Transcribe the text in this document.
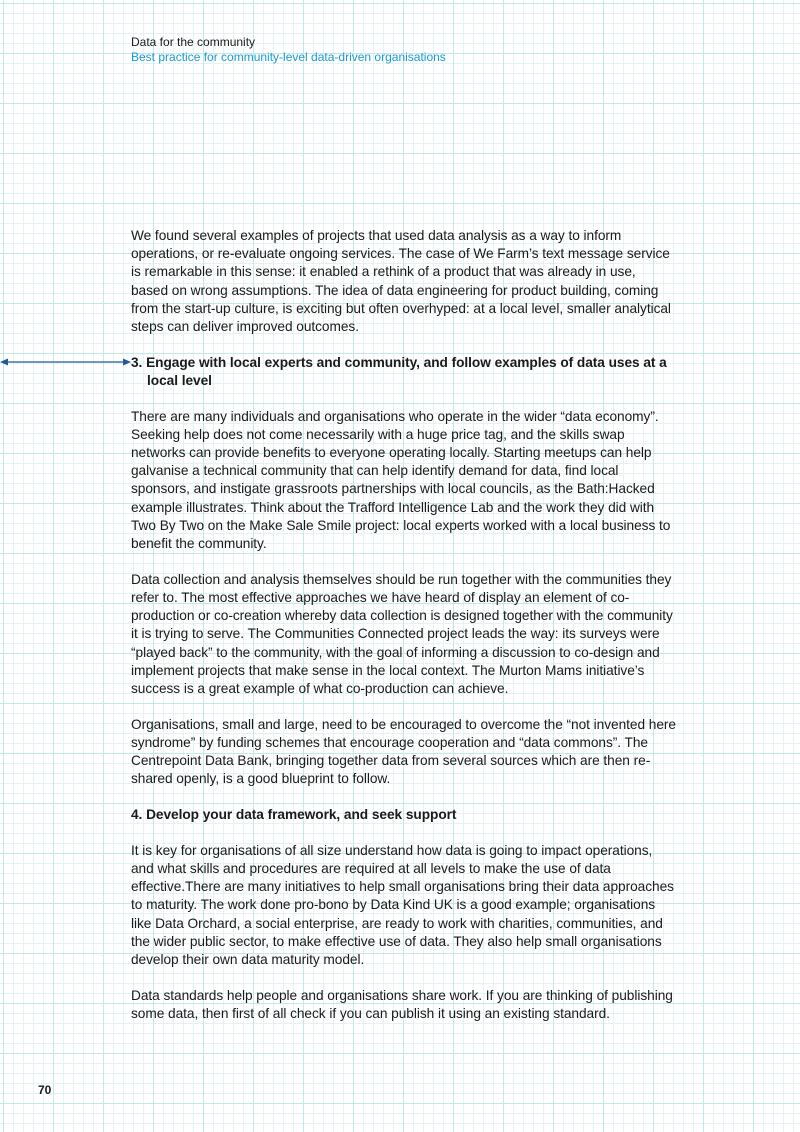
Data for the community
Best practice for community-level data-driven organisations

We found several examples of projects that used data analysis as a way to inform operations, or re-evaluate ongoing services. The case of We Farm’s text message service is remarkable in this sense: it enabled a rethink of a product that was already in use, based on wrong assumptions. The idea of data engineering for product building, coming from the start-up culture, is exciting but often overhyped: at a local level, smaller analytical steps can deliver improved outcomes.

3. Engage with local experts and community, and follow examples of data uses at a local level

There are many individuals and organisations who operate in the wider “data economy”. Seeking help does not come necessarily with a huge price tag, and the skills swap networks can provide benefits to everyone operating locally. Starting meetups can help galvanise a technical community that can help identify demand for data, find local sponsors, and instigate grassroots partnerships with local councils, as the Bath:Hacked example illustrates. Think about the Trafford Intelligence Lab and the work they did with Two By Two on the Make Sale Smile project: local experts worked with a local business to benefit the community.

Data collection and analysis themselves should be run together with the communities they refer to. The most effective approaches we have heard of display an element of co-production or co-creation whereby data collection is designed together with the community it is trying to serve. The Communities Connected project leads the way: its surveys were “played back” to the community, with the goal of informing a discussion to co-design and implement projects that make sense in the local context. The Murton Mams initiative’s success is a great example of what co-production can achieve.

Organisations, small and large, need to be encouraged to overcome the “not invented here syndrome” by funding schemes that encourage cooperation and “data commons”. The Centrepoint Data Bank, bringing together data from several sources which are then re-shared openly, is a good blueprint to follow.

4. Develop your data framework, and seek support

It is key for organisations of all size understand how data is going to impact operations, and what skills and procedures are required at all levels to make the use of data effective.There are many initiatives to help small organisations bring their data approaches to maturity. The work done pro-bono by Data Kind UK is a good example; organisations like Data Orchard, a social enterprise, are ready to work with charities, communities, and the wider public sector, to make effective use of data. They also help small organisations develop their own data maturity model.

Data standards help people and organisations share work. If you are thinking of publishing some data, then first of all check if you can publish it using an existing standard.

70
